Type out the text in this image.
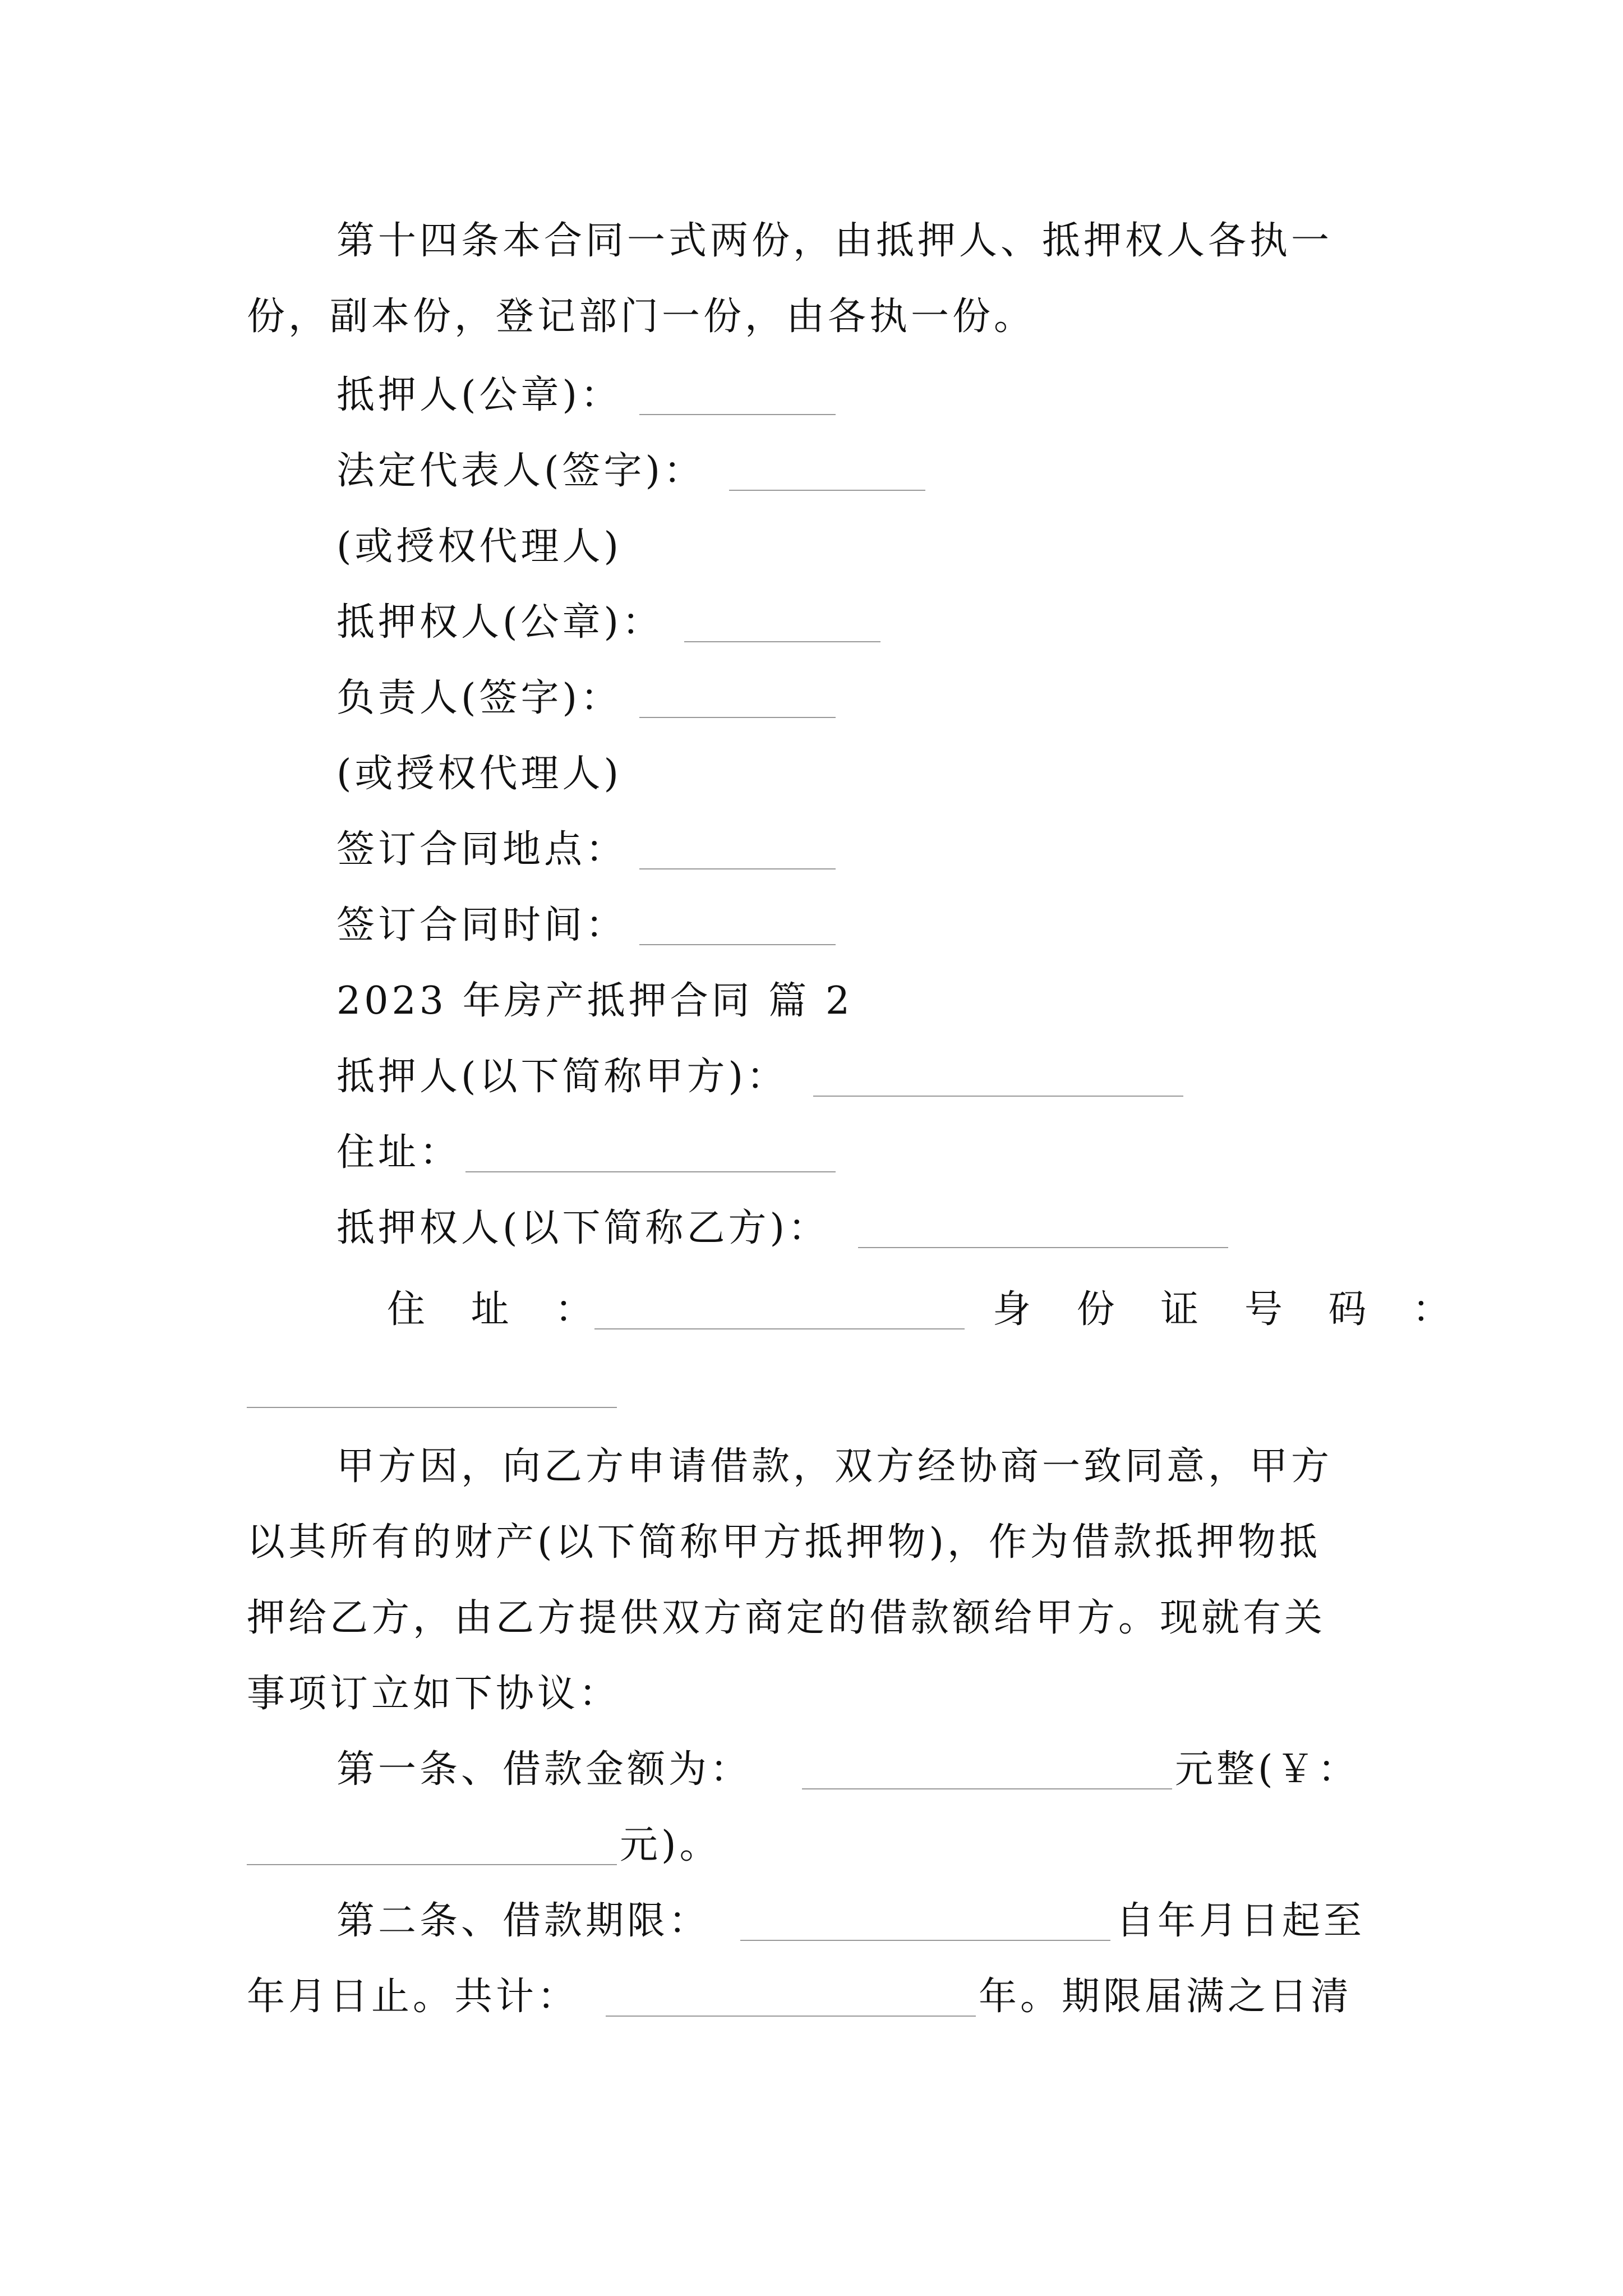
第十四条本合同一式两份，由抵押人、抵押权人各执一
份，副本份，登记部门一份，由各执一份。
抵押人(公章)：
法定代表人(签字)：
(或授权代理人)
抵押权人(公章)：
负责人(签字)：
(或授权代理人)
签订合同地点：
签订合同时间：
2023 年房产抵押合同 篇 2
抵押人(以下简称甲方)：
住址：
抵押权人(以下简称乙方)：
住 址 ：	身 份 证 号 码 ：
甲方因，向乙方申请借款，双方经协商一致同意，甲方
以其所有的财产(以下简称甲方抵押物)，作为借款抵押物抵
押给乙方，由乙方提供双方商定的借款额给甲方。现就有关
事项订立如下协议：
第一条、借款金额为：	元整(￥：
元)。
第二条、借款期限：	自年月日起至
年月日止。共计：	年。期限届满之日清
